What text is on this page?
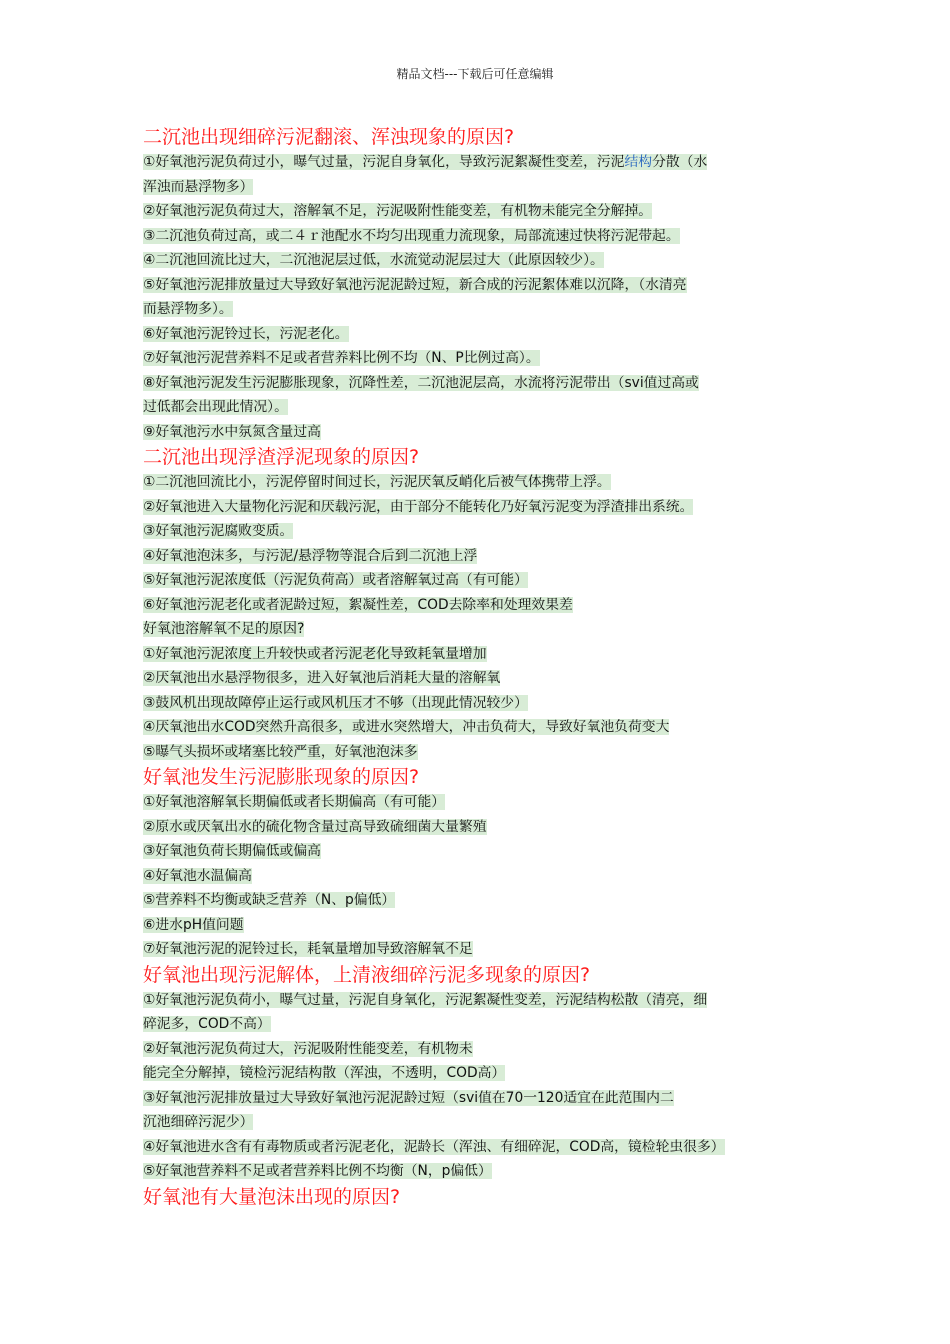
精品文档---下载后可任意编辑
二沉池出现细碎污泥翻滚、浑浊现象的原因?
①好氧池污泥负荷过小，曝气过量，污泥自身氧化，导致污泥絮凝性变差，污泥结构分散（水
浑浊而悬浮物多）
②好氧池污泥负荷过大，溶解氧不足，污泥吸附性能变差，有机物未能完全分解掉。
③二沉池负荷过高，或二４ｒ池配水不均匀出现重力流现象，局部流速过快将污泥带起。
④二沉池回流比过大，二沉池泥层过低，水流觉动泥层过大（此原因较少）。
⑤好氧池污泥排放量过大导致好氧池污泥泥龄过短，新合成的污泥絮体难以沉降，（水清亮
而悬浮物多）。
⑥好氧池污泥铃过长，污泥老化。
⑦好氧池污泥营养料不足或者营养料比例不均（N、P比例过高）。
⑧好氧池污泥发生污泥膨胀现象，沉降性差，二沉池泥层高，水流将污泥带出（svi值过高或
过低都会出现此情况）。
⑨好氧池污水中氛氮含量过高
二沉池出现浮渣浮泥现象的原因?
①二沉池回流比小，污泥停留时间过长，污泥厌氧反峭化后被气体携带上浮。
②好氧池进入大量物化污泥和厌载污泥，由于部分不能转化乃好氧污泥变为浮渣排出系统。
③好氧池污泥腐败变质。
④好氧池泡沫多，与污泥/悬浮物等混合后到二沉池上浮
⑤好氧池污泥浓度低（污泥负荷高）或者溶解氧过高（有可能）
⑥好氧池污泥老化或者泥龄过短，絮凝性差，COD去除率和处理效果差
好氧池溶解氧不足的原因?
①好氧池污泥浓度上升较快或者污泥老化导致耗氧量增加
②厌氧池出水悬浮物很多，进入好氧池后消耗大量的溶解氧
③鼓风机出现故障停止运行或风机压才不够（出现此情况较少）
④厌氧池出水COD突然升高很多，或进水突然增大，冲击负荷大，导致好氧池负荷变大
⑤曝气头损坏或堵塞比较严重，好氧池泡沫多
好氧池发生污泥膨胀现象的原因?
①好氧池溶解氧长期偏低或者长期偏高（有可能）
②原水或厌氧出水的硫化物含量过高导致硫细菌大量繁殖
③好氧池负荷长期偏低或偏高
④好氧池水温偏高
⑤营养料不均衡或缺乏营养（N、p偏低）
⑥进水pH值问题
⑦好氧池污泥的泥铃过长，耗氧量增加导致溶解氧不足
好氧池出现污泥解体，上清液细碎污泥多现象的原因?
①好氧池污泥负荷小，曝气过量，污泥自身氧化，污泥絮凝性变差，污泥结构松散（清亮，细
碎泥多，COD不高）
②好氧池污泥负荷过大，污泥吸附性能变差，有机物未
能完全分解掉，镜检污泥结构散（浑浊，不透明，COD高）
③好氧池污泥排放量过大导致好氧池污泥泥龄过短（svi值在70一120适宜在此范围内二
沉池细碎污泥少）
④好氧池进水含有有毒物质或者污泥老化，泥龄长（浑浊、有细碎泥，COD高，镜检轮虫很多）
⑤好氧池营养料不足或者营养料比例不均衡（N，p偏低）
好氧池有大量泡沫出现的原因?
